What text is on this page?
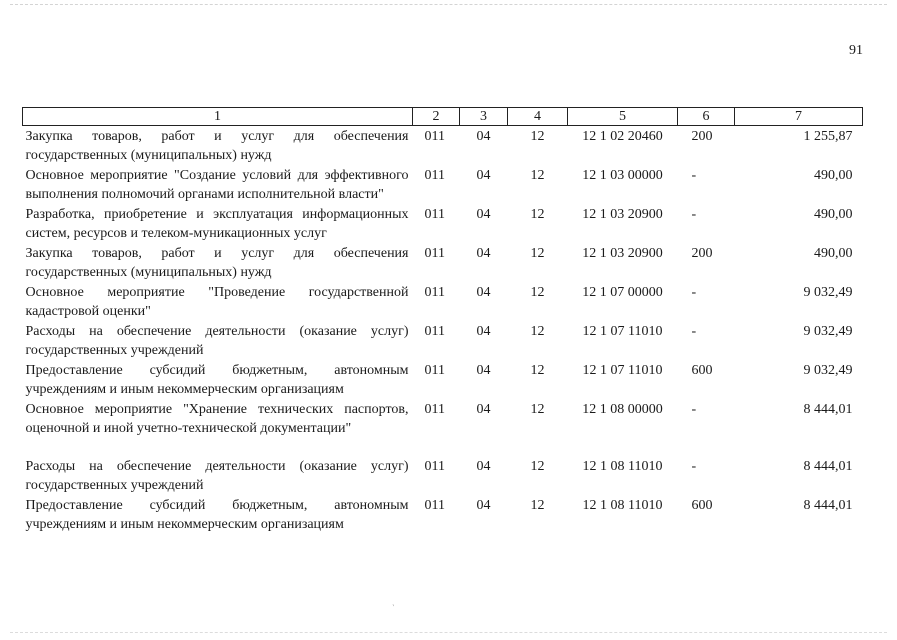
91
1	2	3	4	5	6	7
Закупка товаров, работ и услуг для обеспечения государственных (муниципальных) нужд	011	04	12	12 1 02 20460	200	1 255,87
Основное мероприятие "Создание условий для эффективного выполнения полномочий органами исполнительной власти"	011	04	12	12 1 03 00000	-	490,00
Разработка, приобретение и эксплуатация информационных систем, ресурсов и телеком-муникационных услуг	011	04	12	12 1 03 20900	-	490,00
Закупка товаров, работ и услуг для обеспечения государственных (муниципальных) нужд	011	04	12	12 1 03 20900	200	490,00
Основное мероприятие "Проведение государственной кадастровой оценки"	011	04	12	12 1 07 00000	-	9 032,49
Расходы на обеспечение деятельности (оказание услуг) государственных учреждений	011	04	12	12 1 07 11010	-	9 032,49
Предоставление субсидий бюджетным, автономным учреждениям и иным некоммерческим организациям	011	04	12	12 1 07 11010	600	9 032,49
Основное мероприятие "Хранение технических паспортов, оценочной и иной учетно-технической документации"	011	04	12	12 1 08 00000	-	8 444,01
Расходы на обеспечение деятельности (оказание услуг) государственных учреждений	011	04	12	12 1 08 11010	-	8 444,01
Предоставление субсидий бюджетным, автономным учреждениям и иным некоммерческим организациям	011	04	12	12 1 08 11010	600	8 444,01
`
